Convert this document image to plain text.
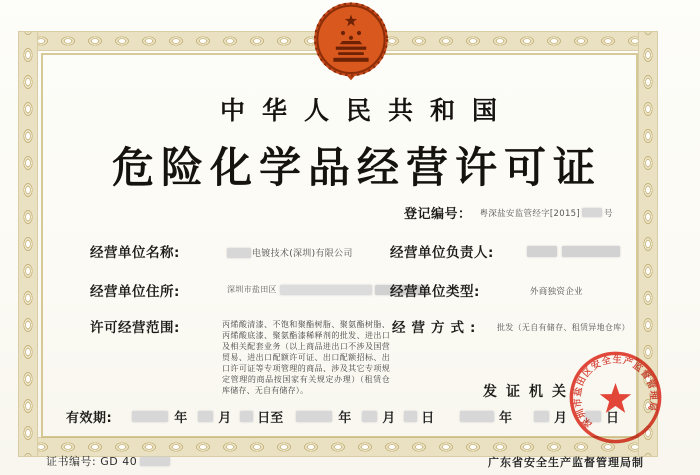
中华人民共和国
危险化学品经营许可证
登记编号： 粤深盐安监管经字[2015]	号
经营单位名称:	电镀技术(深圳)有限公司	经营单位负责人:
经营单位住所:	深圳市盐田区	经营单位类型:	外商独资企业
许可经营范围:	丙烯酸清漆、不饱和聚酯树脂、聚氨酯树脂、丙烯酸底漆、聚氨酯漆稀释剂的批发、进出口及相关配套业务（以上商品进出口不涉及国营贸易、进出口配额许可证、出口配额招标、出口许可证等专项管理的商品、涉及其它专项规定管理的商品按国家有关规定办理）（租赁仓库储存、无自有储存）。
经营方式: 批发（无自有储存、租赁异地仓库）
发证机关
年	月	日
深圳市盐田区安全生产监督管理局
有效期:	年 月 日 至	年 月 日
证书编号: GD 40	广东省安全生产监督管理局制
